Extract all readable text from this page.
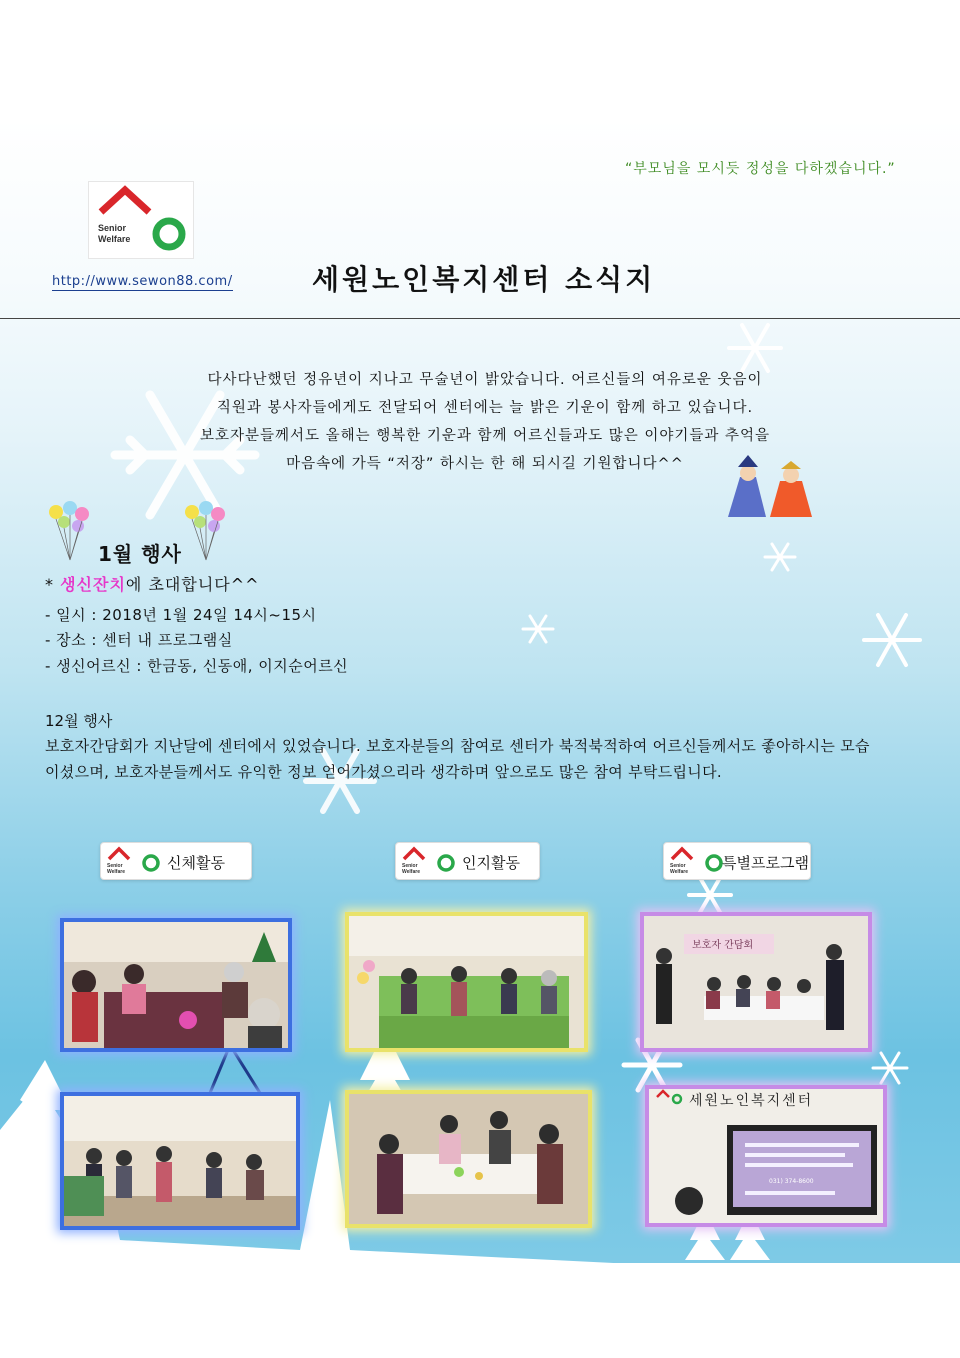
“부모님을 모시듯 정성을 다하겠습니다.”
Senior
Welfare
http://www.sewon88.com/	세원노인복지센터 소식지
다사다난했던 정유년이 지나고 무술년이 밝았습니다. 어르신들의 여유로운 웃음이
직원과 봉사자들에게도 전달되어 센터에는 늘 밝은 기운이 함께 하고 있습니다.
보호자분들께서도 올해는 행복한 기운과 함께 어르신들과도 많은 이야기들과 추억을
마음속에 가득 “저장” 하시는 한 해 되시길 기원합니다^^
1월 행사
* 생신잔치에 초대합니다^^
- 일시 : 2018년 1월 24일 14시~15시
- 장소 : 센터 내 프로그램실
- 생신어르신 : 한금동, 신동애, 이지순어르신
12월 행사
보호자간담회가 지난달에 센터에서 있었습니다. 보호자분들의 참여로 센터가 북적북적하여 어르신들께서도 좋아하시는 모습이셨으며, 보호자분들께서도 유익한 정보 얻어가셨으리라 생각하며 앞으로도 많은 참여 부탁드립니다.
Senior
Welfare	신체활동	Senior
Welfare	인지활동	Senior
Welfare 특별프로그램
보호자 간담회
세원노인복지센터
031) 374-8600
